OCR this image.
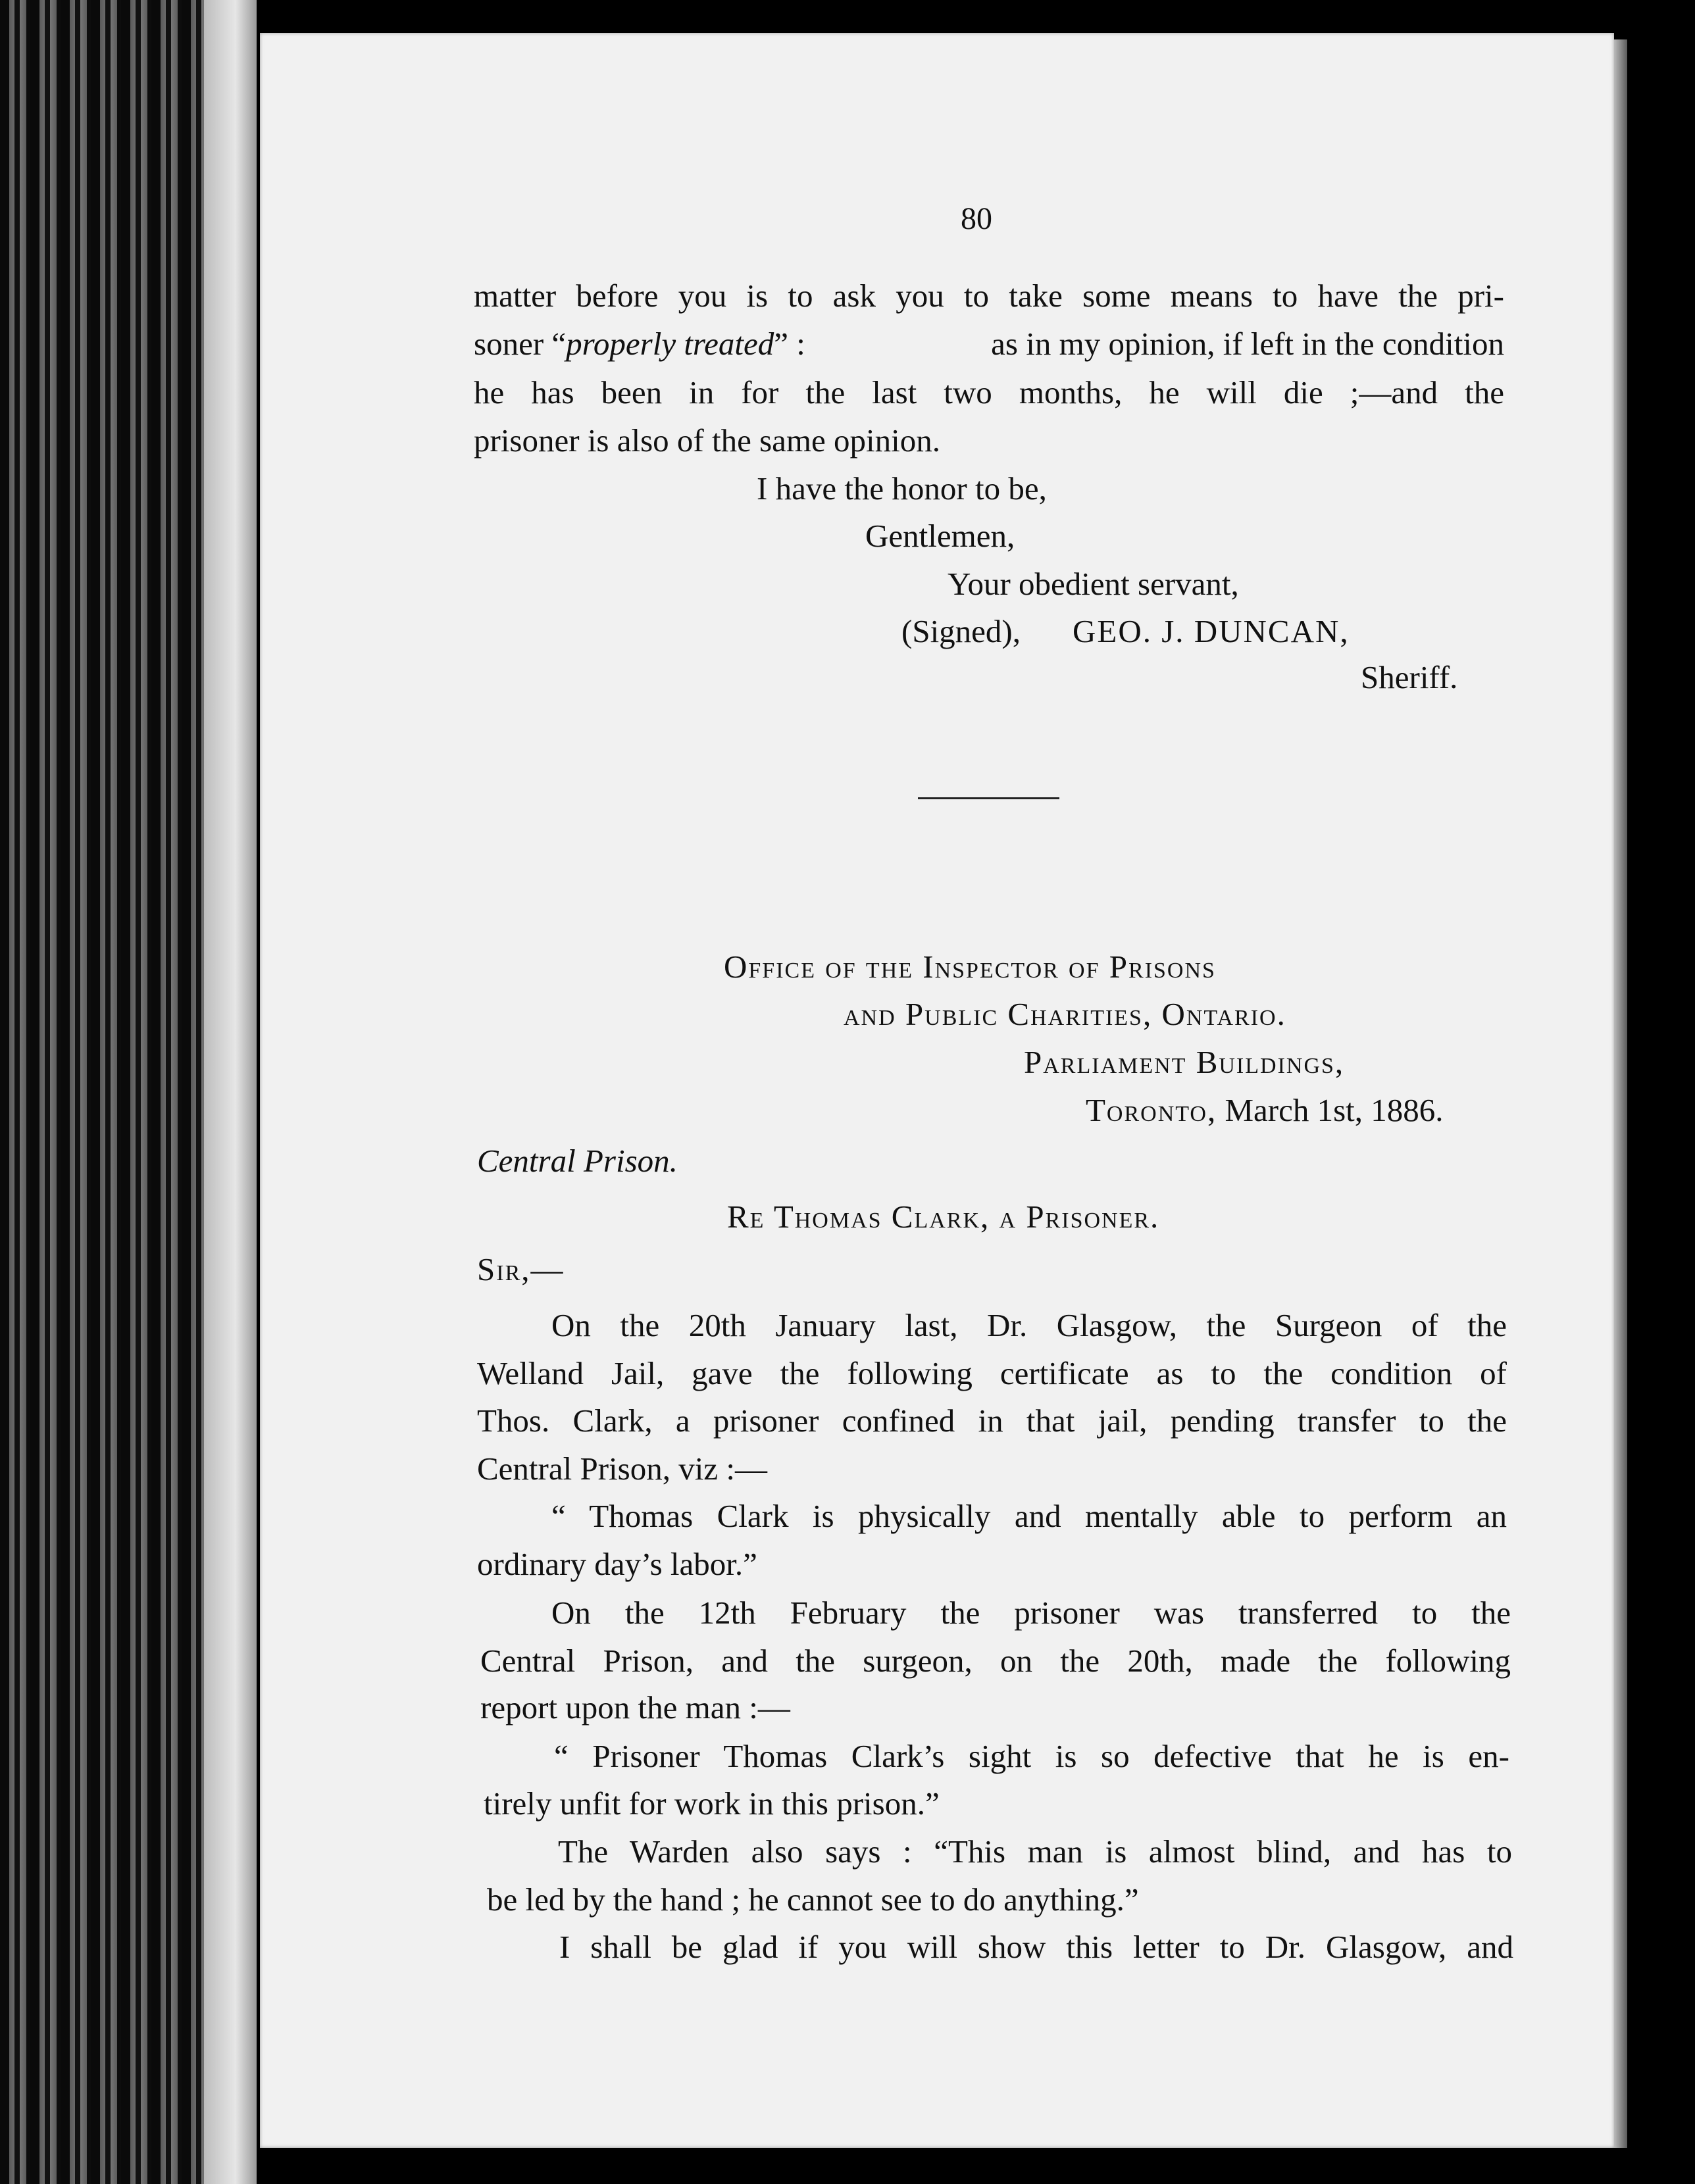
80
matter before you is to ask you to take some means to have the pri-
soner “properly treated” :	as in my opinion, if left in the condition
he has been in for the last two months, he will die ;—and the
prisoner is also of the same opinion.
I have the honor to be,
Gentlemen,
Your obedient servant,
(Signed), GEO. J. DUNCAN,
Sheriff.
Office of the Inspector of Prisons
and Public Charities, Ontario.
Parliament Buildings,
Toronto, March 1st, 1886.
Central Prison.
Re Thomas Clark, a Prisoner.
Sir,—
On the 20th January last, Dr. Glasgow, the Surgeon of the
Welland Jail, gave the following certificate as to the condition of
Thos. Clark, a prisoner confined in that jail, pending transfer to the
Central Prison, viz :—
“ Thomas Clark is physically and mentally able to perform an
ordinary day’s labor.”
On the 12th February the prisoner was transferred to the
Central Prison, and the surgeon, on the 20th, made the following
report upon the man :—
“ Prisoner Thomas Clark’s sight is so defective that he is en-
tirely unfit for work in this prison.”
The Warden also says : “This man is almost blind, and has to
be led by the hand ; he cannot see to do anything.”
I shall be glad if you will show this letter to Dr. Glasgow, and
